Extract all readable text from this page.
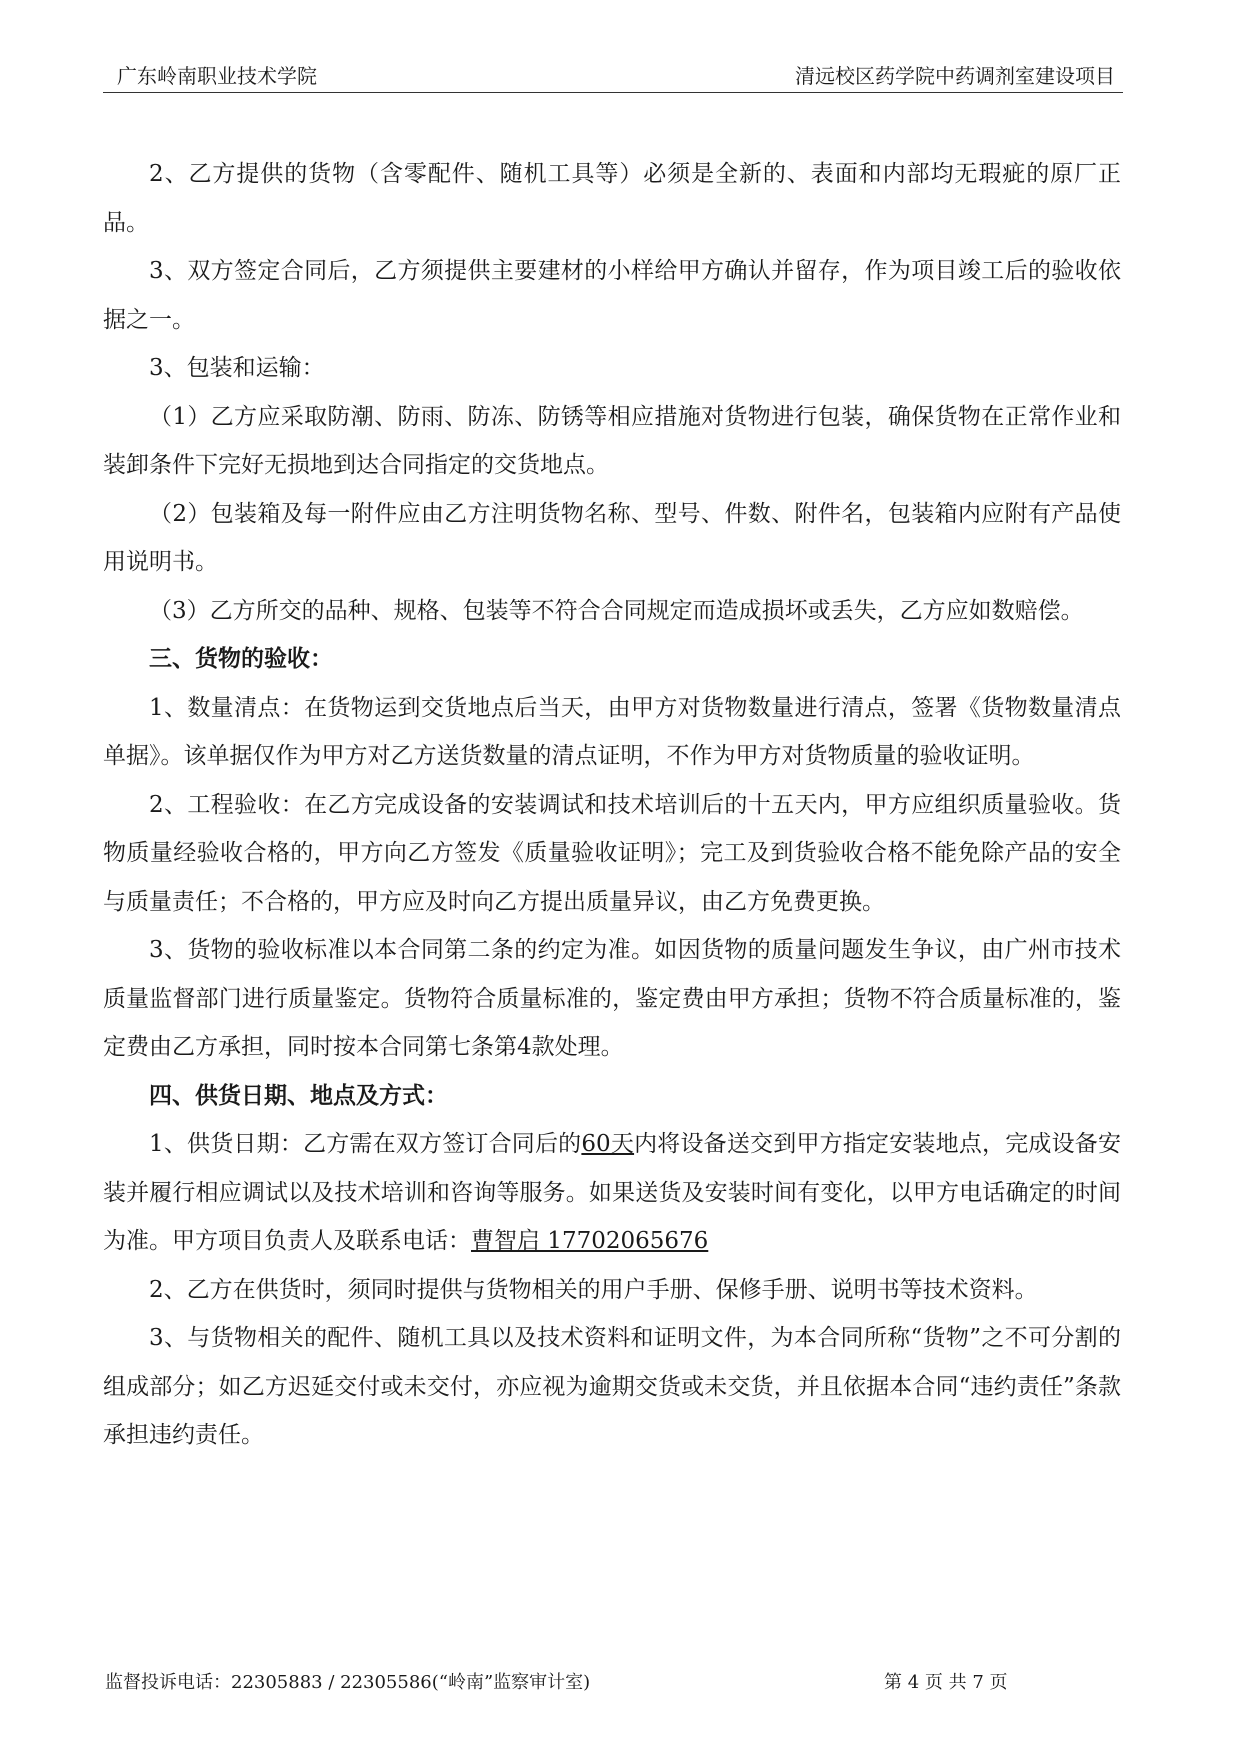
广东岭南职业技术学院	清远校区药学院中药调剂室建设项目

2、乙方提供的货物（含零配件、随机工具等）必须是全新的、表面和内部均无瑕疵的原厂正品。

3、双方签定合同后，乙方须提供主要建材的小样给甲方确认并留存，作为项目竣工后的验收依据之一。

3、包装和运输：

（1）乙方应采取防潮、防雨、防冻、防锈等相应措施对货物进行包装，确保货物在正常作业和装卸条件下完好无损地到达合同指定的交货地点。

（2）包装箱及每一附件应由乙方注明货物名称、型号、件数、附件名，包装箱内应附有产品使用说明书。

（3）乙方所交的品种、规格、包装等不符合合同规定而造成损坏或丢失，乙方应如数赔偿。

三、货物的验收：

1、数量清点：在货物运到交货地点后当天，由甲方对货物数量进行清点，签署《货物数量清点单据》。该单据仅作为甲方对乙方送货数量的清点证明，不作为甲方对货物质量的验收证明。

2、工程验收：在乙方完成设备的安装调试和技术培训后的十五天内，甲方应组织质量验收。货物质量经验收合格的，甲方向乙方签发《质量验收证明》；完工及到货验收合格不能免除产品的安全与质量责任；不合格的，甲方应及时向乙方提出质量异议，由乙方免费更换。

3、货物的验收标准以本合同第二条的约定为准。如因货物的质量问题发生争议，由广州市技术质量监督部门进行质量鉴定。货物符合质量标准的，鉴定费由甲方承担；货物不符合质量标准的，鉴定费由乙方承担，同时按本合同第七条第4款处理。

四、供货日期、地点及方式：

1、供货日期：乙方需在双方签订合同后的60天内将设备送交到甲方指定安装地点，完成设备安装并履行相应调试以及技术培训和咨询等服务。如果送货及安装时间有变化，以甲方电话确定的时间为准。甲方项目负责人及联系电话：曹智启 17702065676

2、乙方在供货时，须同时提供与货物相关的用户手册、保修手册、说明书等技术资料。

3、与货物相关的配件、随机工具以及技术资料和证明文件，为本合同所称“货物”之不可分割的组成部分；如乙方迟延交付或未交付，亦应视为逾期交货或未交货，并且依据本合同“违约责任”条款承担违约责任。

监督投诉电话：22305883 / 22305586(“岭南”监察审计室)	第 4 页 共 7 页
